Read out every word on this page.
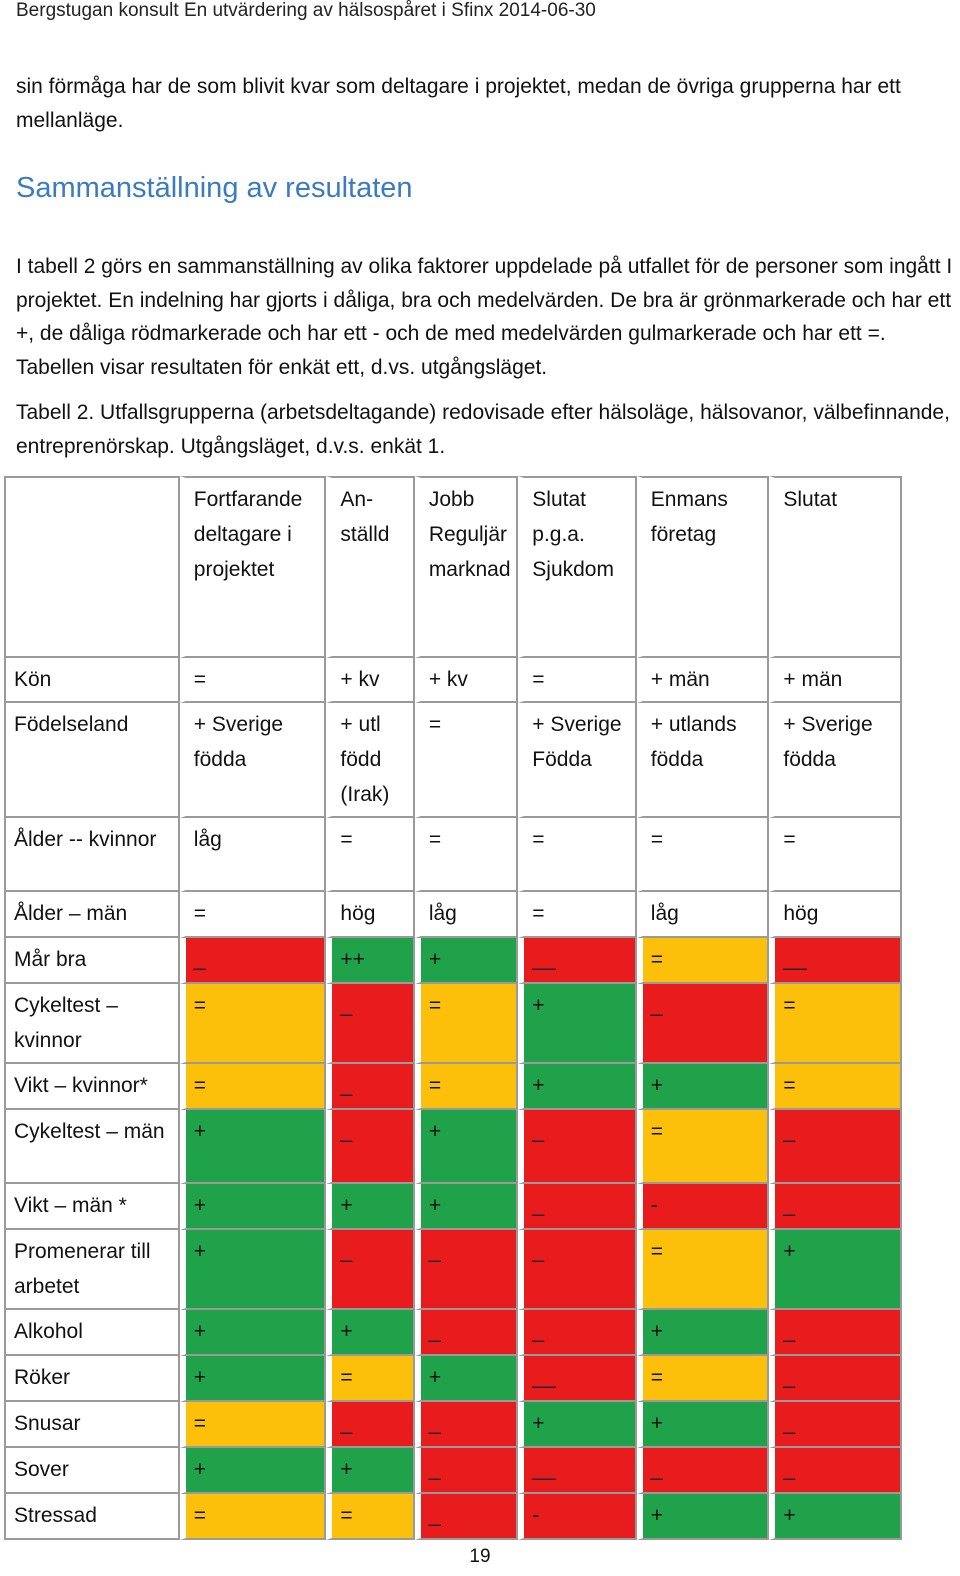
Bergstugan konsult En utvärdering av hälsospåret i Sfinx 2014-06-30
sin förmåga har de som blivit kvar som deltagare i projektet, medan de övriga grupperna har ett mellanläge.
Sammanställning av resultaten
I tabell 2 görs en sammanställning av olika faktorer uppdelade på utfallet för de personer som ingått I projektet. En indelning har gjorts i dåliga, bra och medelvärden. De bra är grönmarkerade och har ett +, de dåliga rödmarkerade och har ett - och de med medelvärden gulmarkerade och har ett =. Tabellen visar resultaten för enkät ett, d.vs. utgångsläget.
Tabell 2. Utfallsgrupperna (arbetsdeltagande) redovisade efter hälsoläge, hälsovanor, välbefinnande, entreprenörskap. Utgångsläget, d.v.s. enkät 1.
	Fortfarande deltagare i projektet	An-ställd	Jobb Reguljär marknad	Slutat p.g.a. Sjukdom	Enmans företag	Slutat
Kön	=	+ kv	+ kv	=	+ män	+ män
Födelseland	+ Sverige födda	+ utl född (Irak)	=	+ Sverige Födda	+ utlands födda	+ Sverige födda
Ålder -- kvinnor	låg	=	=	=	=	=
Ålder – män	=	hög	låg	=	låg	hög
Mår bra	_	++	+	__	=	__
Cykeltest – kvinnor	=	_	=	+	_	=
Vikt – kvinnor*	=	_	=	+	+	=
Cykeltest – män	+	_	+	_	=	_
Vikt – män *	+	+	+	_	-	_
Promenerar till arbetet	+	_	_	_	=	+
Alkohol	+	+	_	_	+	_
Röker	+	=	+	__	=	_
Snusar	=	_	_	+	+	_
Sover	+	+	_	__	_	_
Stressad	=	=	_	-	+	+
19
